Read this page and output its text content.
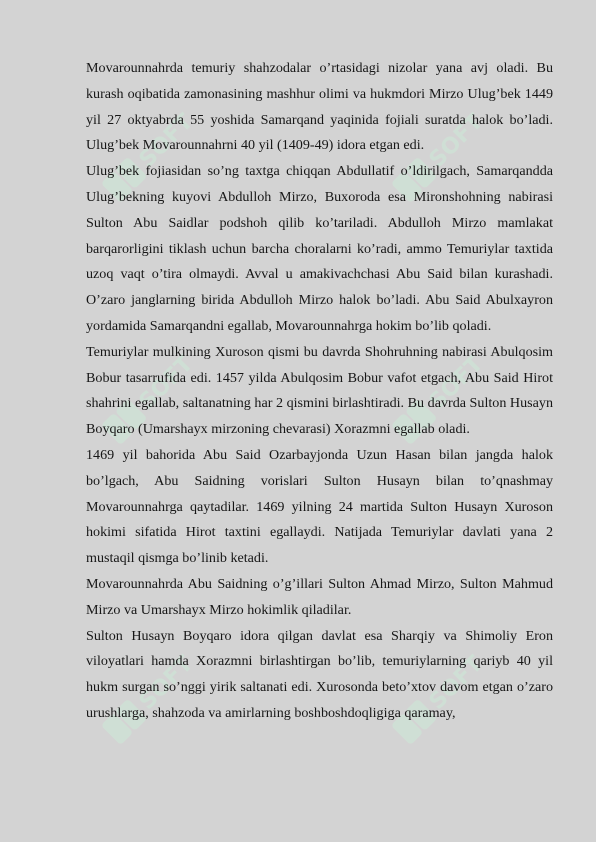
SOFT	SOFT
SOFT	SOFT
SOFT	SOFT

Movarounnahrda temuriy shahzodalar o’rtasidagi nizolar yana avj oladi. Bu kurash oqibatida zamonasining mashhur olimi va hukmdori Mirzo Ulug’bek 1449 yil 27 oktyabrda 55 yoshida Samarqand yaqinida fojiali suratda halok bo’ladi. Ulug’bek Movarounnahrni 40 yil (1409-49) idora etgan edi.

Ulug’bek fojiasidan so’ng taxtga chiqqan Abdullatif o’ldirilgach, Samarqandda Ulug’bekning kuyovi Abdulloh Mirzo, Buxoroda esa Mironshohning nabirasi Sulton Abu Saidlar podshoh qilib ko’tariladi. Abdulloh Mirzo mamlakat barqarorligini tiklash uchun barcha choralarni ko’radi, ammo Temuriylar taxtida uzoq vaqt o’tira olmaydi. Avval u amakivachchasi Abu Said bilan kurashadi. O’zaro janglarning birida Abdulloh Mirzo halok bo’ladi. Abu Said Abulxayron yordamida Samarqandni egallab, Movarounnahrga hokim bo’lib qoladi.

Temuriylar mulkining Xuroson qismi bu davrda Shohruhning nabirasi Abulqosim Bobur tasarrufida edi. 1457 yilda Abulqosim Bobur vafot etgach, Abu Said Hirot shahrini egallab, saltanatning har 2 qismini birlashtiradi. Bu davrda Sulton Husayn Boyqaro (Umarshayx mirzoning chevarasi) Xorazmni egallab oladi.

1469 yil bahorida Abu Said Ozarbayjonda Uzun Hasan bilan jangda halok bo’lgach, Abu Saidning vorislari Sulton Husayn bilan to’qnashmay Movarounnahrga qaytadilar. 1469 yilning 24 martida Sulton Husayn Xuroson hokimi sifatida Hirot taxtini egallaydi. Natijada Temuriylar davlati yana 2 mustaqil qismga bo’linib ketadi.

Movarounnahrda Abu Saidning o’g’illari Sulton Ahmad Mirzo, Sulton Mahmud Mirzo va Umarshayx Mirzo hokimlik qiladilar.

Sulton Husayn Boyqaro idora qilgan davlat esa Sharqiy va Shimoliy Eron viloyatlari hamda Xorazmni birlashtirgan bo’lib, temuriylarning qariyb 40 yil hukm surgan so’nggi yirik saltanati edi. Xurosonda beto’xtov davom etgan o’zaro urushlarga, shahzoda va amirlarning boshboshdoqligiga qaramay,
